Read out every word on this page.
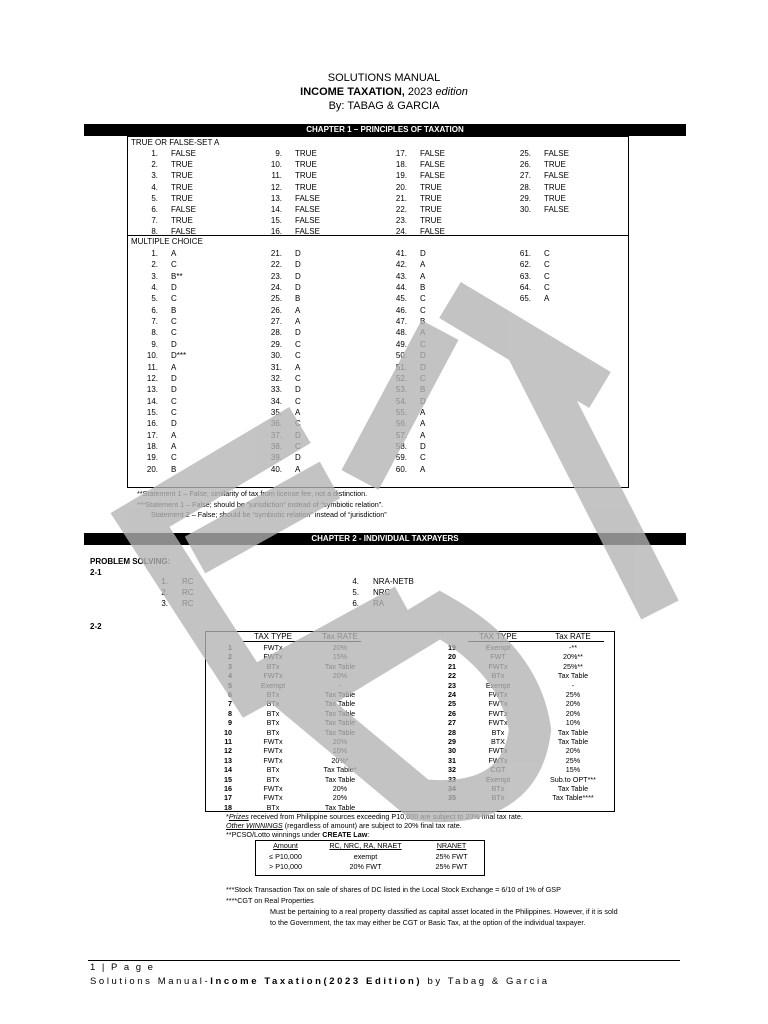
SOLUTIONS MANUAL
INCOME TAXATION, 2023 edition
By: TABAG & GARCIA
CHAPTER 1 – PRINCIPLES OF TAXATION
TRUE OR FALSE-SET A
1. FALSE
2. TRUE
3. TRUE
4. TRUE
5. TRUE
6. FALSE
7. TRUE
8. FALSE
9. TRUE
10. TRUE
11. TRUE
12. TRUE
13. FALSE
14. FALSE
15. FALSE
16. FALSE
17. FALSE
18. FALSE
19. FALSE
20. TRUE
21. TRUE
22. TRUE
23. TRUE
24. FALSE
25. FALSE
26. TRUE
27. FALSE
28. TRUE
29. TRUE
30. FALSE
MULTIPLE CHOICE
1. A
2. C
3. B**
4. D
5. C
6. B
7. C
8. C
9. D
10. D***
11. A
12. D
13. D
14. C
15. C
16. D
17. A
18. A
19. C
20. B
21. D
22. D
23. D
24. D
25. B
26. A
27. A
28. D
29. C
30. C
31. A
32. C
33. D
34. C
35. A
36. C
37. D
38. C
39. D
40. A
41. D
42. A
43. A
44. B
45. C
46. C
47. B
48. A
49. C
50. D
51. D
52. C
53. B
54. D
55. A
56. A
57. A
58. D
59. C
60. A
61. C
62. C
63. C
64. C
65. A
**Statement 1 – False; similarity of tax from license fee, not a distinction.
***Statement 1 – False; should be “jurisdiction” instead of “symbiotic relation”.
Statement 2 – False; should be “symbiotic relation” instead of “jurisdiction”
CHAPTER 2 - INDIVIDUAL TAXPAYERS
PROBLEM SOLVING:
2-1
1. RC
2. RC
3. RC
4. NRA-NETB
5. NRC
6. RA
2-2
TAX TYPE	Tax RATE	TAX TYPE	Tax RATE
1	FWTx	20%
2	FWTx	15%
3	BTx	Tax Table
4	FWTx	20%
5	Exempt	-
6	BTx	Tax Table
7	BTx	Tax Table
8	BTx	Tax Table
9	BTx	Tax Table
10	BTx	Tax Table
11	FWTx	20%
12	FWTx	10%
13	FWTx	20%*
14	BTx	Tax Table*
15	BTx	Tax Table
16	FWTx	20%
17	FWTx	20%
18	BTx	Tax Table
19	Exempt	-**
20	FWT	20%**
21	FWTx	25%**
22	BTx	Tax Table
23	Exempt	-
24	FWTx	25%
25	FWTx	20%
26	FWTx	20%
27	FWTx	10%
28	BTx	Tax Table
29	BTX	Tax Table
30	FWTx	20%
31	FWTx	25%
32	CGT	15%
33	Exempt	Sub.to OPT***
34	BTx	Tax Table
35	BTx	Tax Table****
*Prizes received from Philippine sources exceeding P10,000 are subject to 20% final tax rate.
Other WINNINGS (regardless of amount) are subject to 20% final tax rate.
**PCSO/Lotto winnings under CREATE Law:
Amount	RC, NRC, RA, NRAET	NRANET
≤ P10,000	exempt	25% FWT
> P10,000	20% FWT	25% FWT
***Stock Transaction Tax on sale of shares of DC listed in the Local Stock Exchange = 6/10 of 1% of GSP
****CGT on Real Properties
Must be pertaining to a real property classified as capital asset located in the Philippines. However, if it is sold
to the Government, the tax may either be CGT or Basic Tax, at the option of the individual taxpayer.
1 | P a g e
Solutions Manual-Income Taxation(2023 Edition) by Tabag & Garcia
